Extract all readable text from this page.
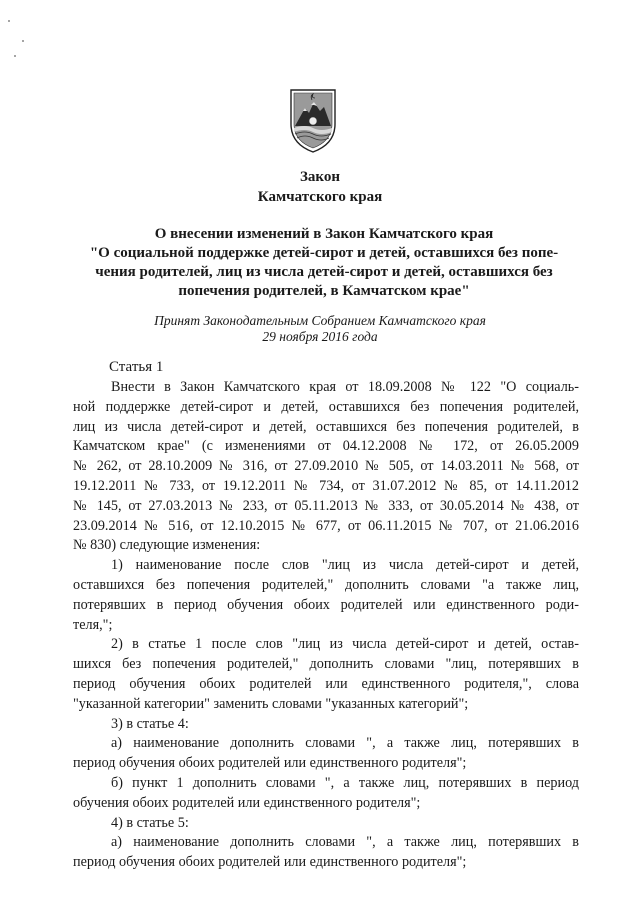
Закон
Камчатского края
О внесении изменений в Закон Камчатского края
"О социальной поддержке детей-сирот и детей, оставшихся без попе-
чения родителей, лиц из числа детей-сирот и детей, оставшихся без
попечения родителей, в Камчатском крае"
Принят Законодательным Собранием Камчатского края
29 ноября 2016 года
Статья 1
Внести в Закон Камчатского края от 18.09.2008 № 122 "О социаль-
ной поддержке детей-сирот и детей, оставшихся без попечения родителей,
лиц из числа детей-сирот и детей, оставшихся без попечения родителей, в
Камчатском крае" (с изменениями от 04.12.2008 № 172, от 26.05.2009
№ 262, от 28.10.2009 № 316, от 27.09.2010 № 505, от 14.03.2011 № 568, от
19.12.2011 № 733, от 19.12.2011 № 734, от 31.07.2012 № 85, от 14.11.2012
№ 145, от 27.03.2013 № 233, от 05.11.2013 № 333, от 30.05.2014 № 438, от
23.09.2014 № 516, от 12.10.2015 № 677, от 06.11.2015 № 707, от 21.06.2016
№ 830) следующие изменения:
1) наименование после слов "лиц из числа детей-сирот и детей,
оставшихся без попечения родителей," дополнить словами "а также лиц,
потерявших в период обучения обоих родителей или единственного роди-
теля,";
2) в статье 1 после слов "лиц из числа детей-сирот и детей, остав-
шихся без попечения родителей," дополнить словами "лиц, потерявших в
период обучения обоих родителей или единственного родителя,", слова
"указанной категории" заменить словами "указанных категорий";
3) в статье 4:
а) наименование дополнить словами ", а также лиц, потерявших в
период обучения обоих родителей или единственного родителя";
б) пункт 1 дополнить словами ", а также лиц, потерявших в период
обучения обоих родителей или единственного родителя";
4) в статье 5:
а) наименование дополнить словами ", а также лиц, потерявших в
период обучения обоих родителей или единственного родителя";
